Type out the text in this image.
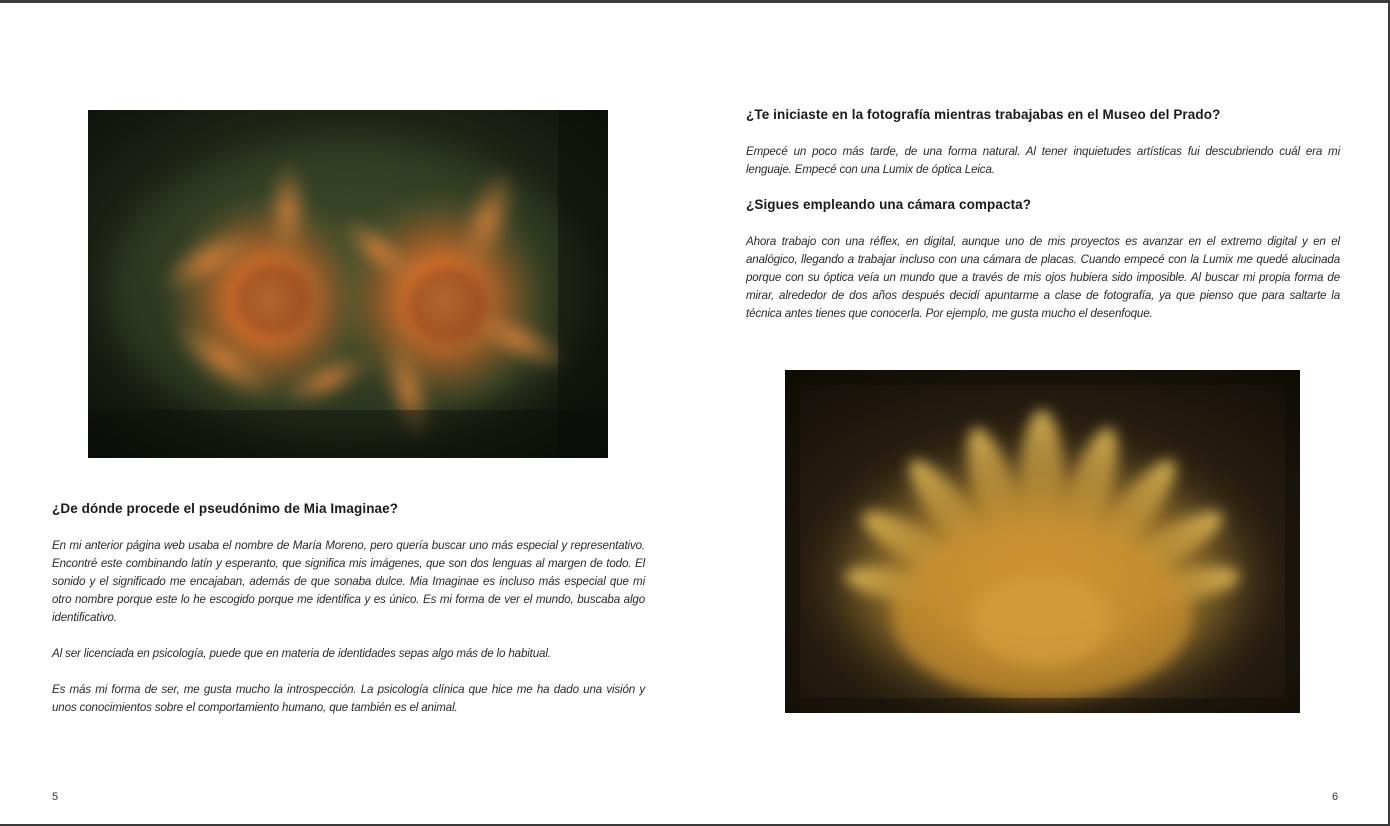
¿De dónde procede el pseudónimo de Mia Imaginae?

En mi anterior página web usaba el nombre de María Moreno, pero quería buscar uno más especial y representativo. Encontré este combinando latín y esperanto, que significa mis imágenes, que son dos lenguas al margen de todo. El sonido y el significado me encajaban, además de que sonaba dulce. Mia Imaginae es incluso más especial que mi otro nombre porque este lo he escogido porque me identifica y es único. Es mi forma de ver el mundo, buscaba algo identificativo.

Al ser licenciada en psicología, puede que en materia de identidades sepas algo más de lo habitual.

Es más mi forma de ser, me gusta mucho la introspección. La psicología clínica que hice me ha dado una visión y unos conocimientos sobre el comportamiento humano, que también es el animal.

5
¿Te iniciaste en la fotografía mientras trabajabas en el Museo del Prado?

Empecé un poco más tarde, de una forma natural. Al tener inquietudes artísticas fui descubriendo cuál era mi lenguaje. Empecé con una Lumix de óptica Leica.

¿Sigues empleando una cámara compacta?

Ahora trabajo con una réflex, en digital, aunque uno de mis proyectos es avanzar en el extremo digital y en el analógico, llegando a trabajar incluso con una cámara de placas. Cuando empecé con la Lumix me quedé alucinada porque con su óptica veía un mundo que a través de mis ojos hubiera sido imposible. Al buscar mi propia forma de mirar, alrededor de dos años después decidí apuntarme a clase de fotografía, ya que pienso que para saltarte la técnica antes tienes que conocerla. Por ejemplo, me gusta mucho el desenfoque.

6
